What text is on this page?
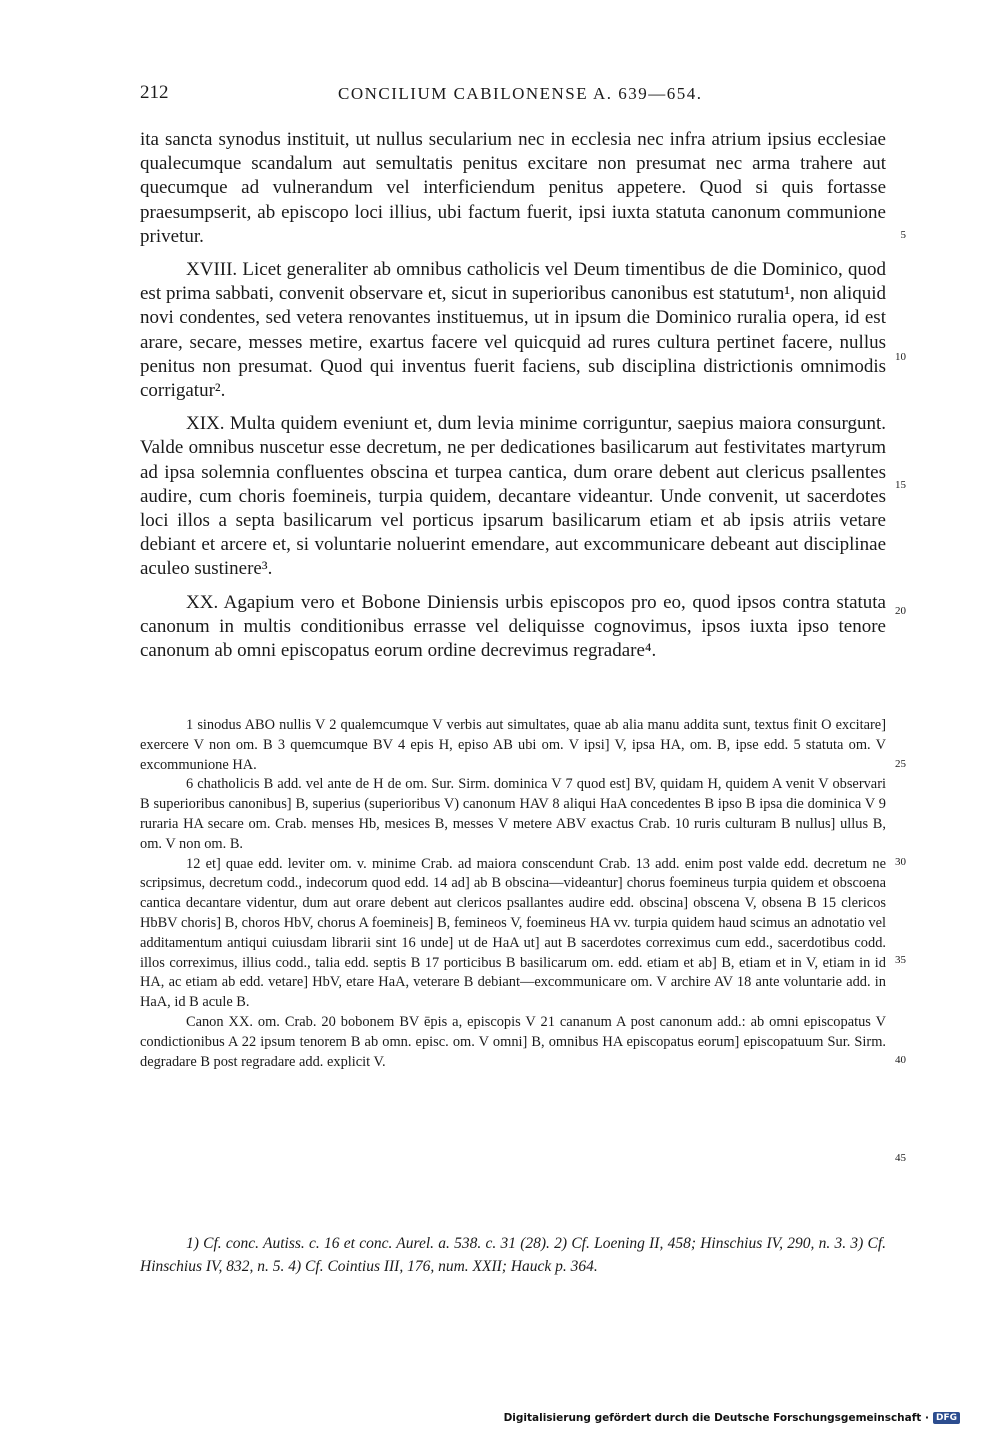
212	CONCILIUM CABILONENSE A. 639—654.

ita sancta synodus instituit, ut nullus secularium nec in ecclesia nec infra atrium ipsius ecclesiae qualecumque scandalum aut semultatis penitus excitare non presumat nec arma trahere aut quecumque ad vulnerandum vel interficiendum penitus appetere. Quod si quis fortasse praesumpserit, ab episcopo loci illius, ubi factum fuerit, ipsi iuxta statuta canonum communione privetur.

XVIII. Licet generaliter ab omnibus catholicis vel Deum timentibus de die Dominico, quod est prima sabbati, convenit observare et, sicut in superioribus canonibus est statutum¹, non aliquid novi condentes, sed vetera renovantes instituemus, ut in ipsum die Dominico ruralia opera, id est arare, secare, messes metire, exartus facere vel quicquid ad rures cultura pertinet facere, nullus penitus non presumat. Quod qui inventus fuerit faciens, sub disciplina districtionis omnimodis corrigatur².

XIX. Multa quidem eveniunt et, dum levia minime corriguntur, saepius maiora consurgunt. Valde omnibus nuscetur esse decretum, ne per dedicationes basilicarum aut festivitates martyrum ad ipsa solemnia confluentes obscina et turpea cantica, dum orare debent aut clericus psallentes audire, cum choris foemineis, turpia quidem, decantare videantur. Unde convenit, ut sacerdotes loci illos a septa basilicarum vel porticus ipsarum basilicarum etiam et ab ipsis atriis vetare debiant et arcere et, si voluntarie noluerint emendare, aut excommunicare debeant aut disciplinae aculeo sustinere³.

XX. Agapium vero et Bobone Diniensis urbis episcopos pro eo, quod ipsos contra statuta canonum in multis conditionibus errasse vel deliquisse cognovimus, ipsos iuxta ipso tenore canonum ab omni episcopatus eorum ordine decrevimus regradare⁴.

5
10
15
20

1 sinodus ABO nullis V 2 qualemcumque V verbis aut simultates, quae ab alia manu addita sunt, textus finit O excitare] exercere V non om. B 3 quemcumque BV 4 epis H, episo AB ubi om. V ipsi] V, ipsa HA, om. B, ipse edd. 5 statuta om. V excommunione HA.

6 chatholicis B add. vel ante de H de om. Sur. Sirm. dominica V 7 quod est] BV, quidam H, quidem A venit V observari B superioribus canonibus] B, superius (superioribus V) canonum HAV 8 aliqui HaA concedentes B ipso B ipsa die dominica V 9 ruraria HA secare om. Crab. menses Hb, mesices B, messes V metere ABV exactus Crab. 10 ruris culturam B nullus] ullus B, om. V non om. B.

12 et] quae edd. leviter om. v. minime Crab. ad maiora conscendunt Crab. 13 add. enim post valde edd. decretum ne scripsimus, decretum codd., indecorum quod edd. 14 ad] ab B obscina—videantur] chorus foemineus turpia quidem et obscoena cantica decantare videntur, dum aut orare debent aut clericos psallantes audire edd. obscina] obscena V, obsena B 15 clericos HbBV choris] B, choros HbV, chorus A foemineis] B, femineos V, foemineus HA vv. turpia quidem haud scimus an adnotatio vel additamentum antiqui cuiusdam librarii sint 16 unde] ut de HaA ut] aut B sacerdotes correximus cum edd., sacerdotibus codd. illos correximus, illius codd., talia edd. septis B 17 porticibus B basilicarum om. edd. etiam et ab] B, etiam et in V, etiam in id HA, ac etiam ab edd. vetare] HbV, etare HaA, veterare B debiant—excommunicare om. V archire AV 18 ante voluntarie add. in HaA, id B acule B.

Canon XX. om. Crab. 20 bobonem BV ēpis a, episcopis V 21 cananum A post canonum add.: ab omni episcopatus V condictionibus A 22 ipsum tenorem B ab omn. episc. om. V omni] B, omnibus HA episcopatus eorum] episcopatuum Sur. Sirm. degradare B post regradare add. explicit V.

25
30
35
40
45
1) Cf. conc. Autiss. c. 16 et conc. Aurel. a. 538. c. 31 (28). 2) Cf. Loening II, 458; Hinschius IV, 290, n. 3. 3) Cf. Hinschius IV, 832, n. 5. 4) Cf. Cointius III, 176, num. XXII; Hauck p. 364.
Digitalisierung gefördert durch die Deutsche Forschungsgemeinschaft · DFG
